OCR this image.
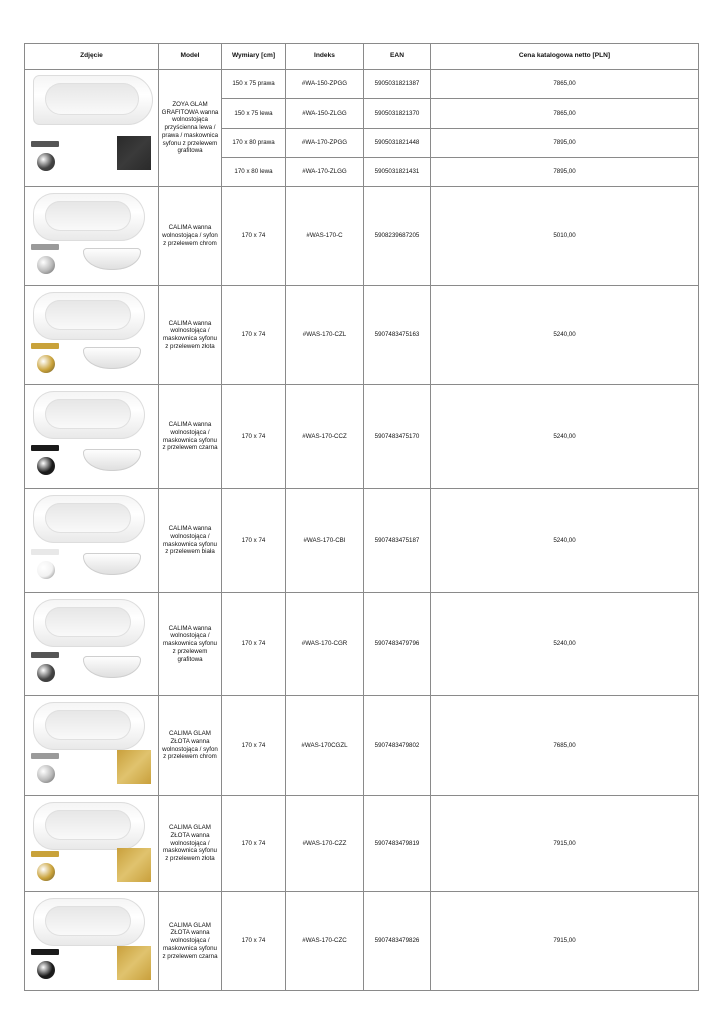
Zdjęcie	Model	Wymiary [cm]	Indeks	EAN	Cena katalogowa netto [PLN]

	ZOYA GLAM GRAFITOWA wanna wolnostojąca przyścienna lewa / prawa / maskownica syfonu z przelewem grafitowa	150 x 75 prawa	#WA-150-ZPGG	5905031821387	7865,00
		150 x 75 lewa	#WA-150-ZLGG	5905031821370	7865,00
		170 x 80 prawa	#WA-170-ZPGG	5905031821448	7895,00
		170 x 80 lewa	#WA-170-ZLGG	5905031821431	7895,00

	CALIMA wanna wolnostojąca / syfon z przelewem chrom	170 x 74	#WAS-170-C	5908239687205	5010,00

	CALIMA wanna wolnostojąca / maskownica syfonu z przelewem złota	170 x 74	#WAS-170-CZL	5907483475163	5240,00

	CALIMA wanna wolnostojąca / maskownica syfonu z przelewem czarna	170 x 74	#WAS-170-CCZ	5907483475170	5240,00

	CALIMA wanna wolnostojąca / maskownica syfonu z przelewem biała	170 x 74	#WAS-170-CBI	5907483475187	5240,00

	CALIMA wanna wolnostojąca / maskownica syfonu z przelewem grafitowa	170 x 74	#WAS-170-CGR	5907483479796	5240,00

	CALIMA GLAM ZŁOTA wanna wolnostojąca / syfon z przelewem chrom	170 x 74	#WAS-170CGZL	5907483479802	7685,00

	CALIMA GLAM ZŁOTA wanna wolnostojąca / maskownica syfonu z przelewem złota	170 x 74	#WAS-170-CZZ	5907483479819	7915,00

	CALIMA GLAM ZŁOTA wanna wolnostojąca / maskownica syfonu z przelewem czarna	170 x 74	#WAS-170-CZC	5907483479826	7915,00
